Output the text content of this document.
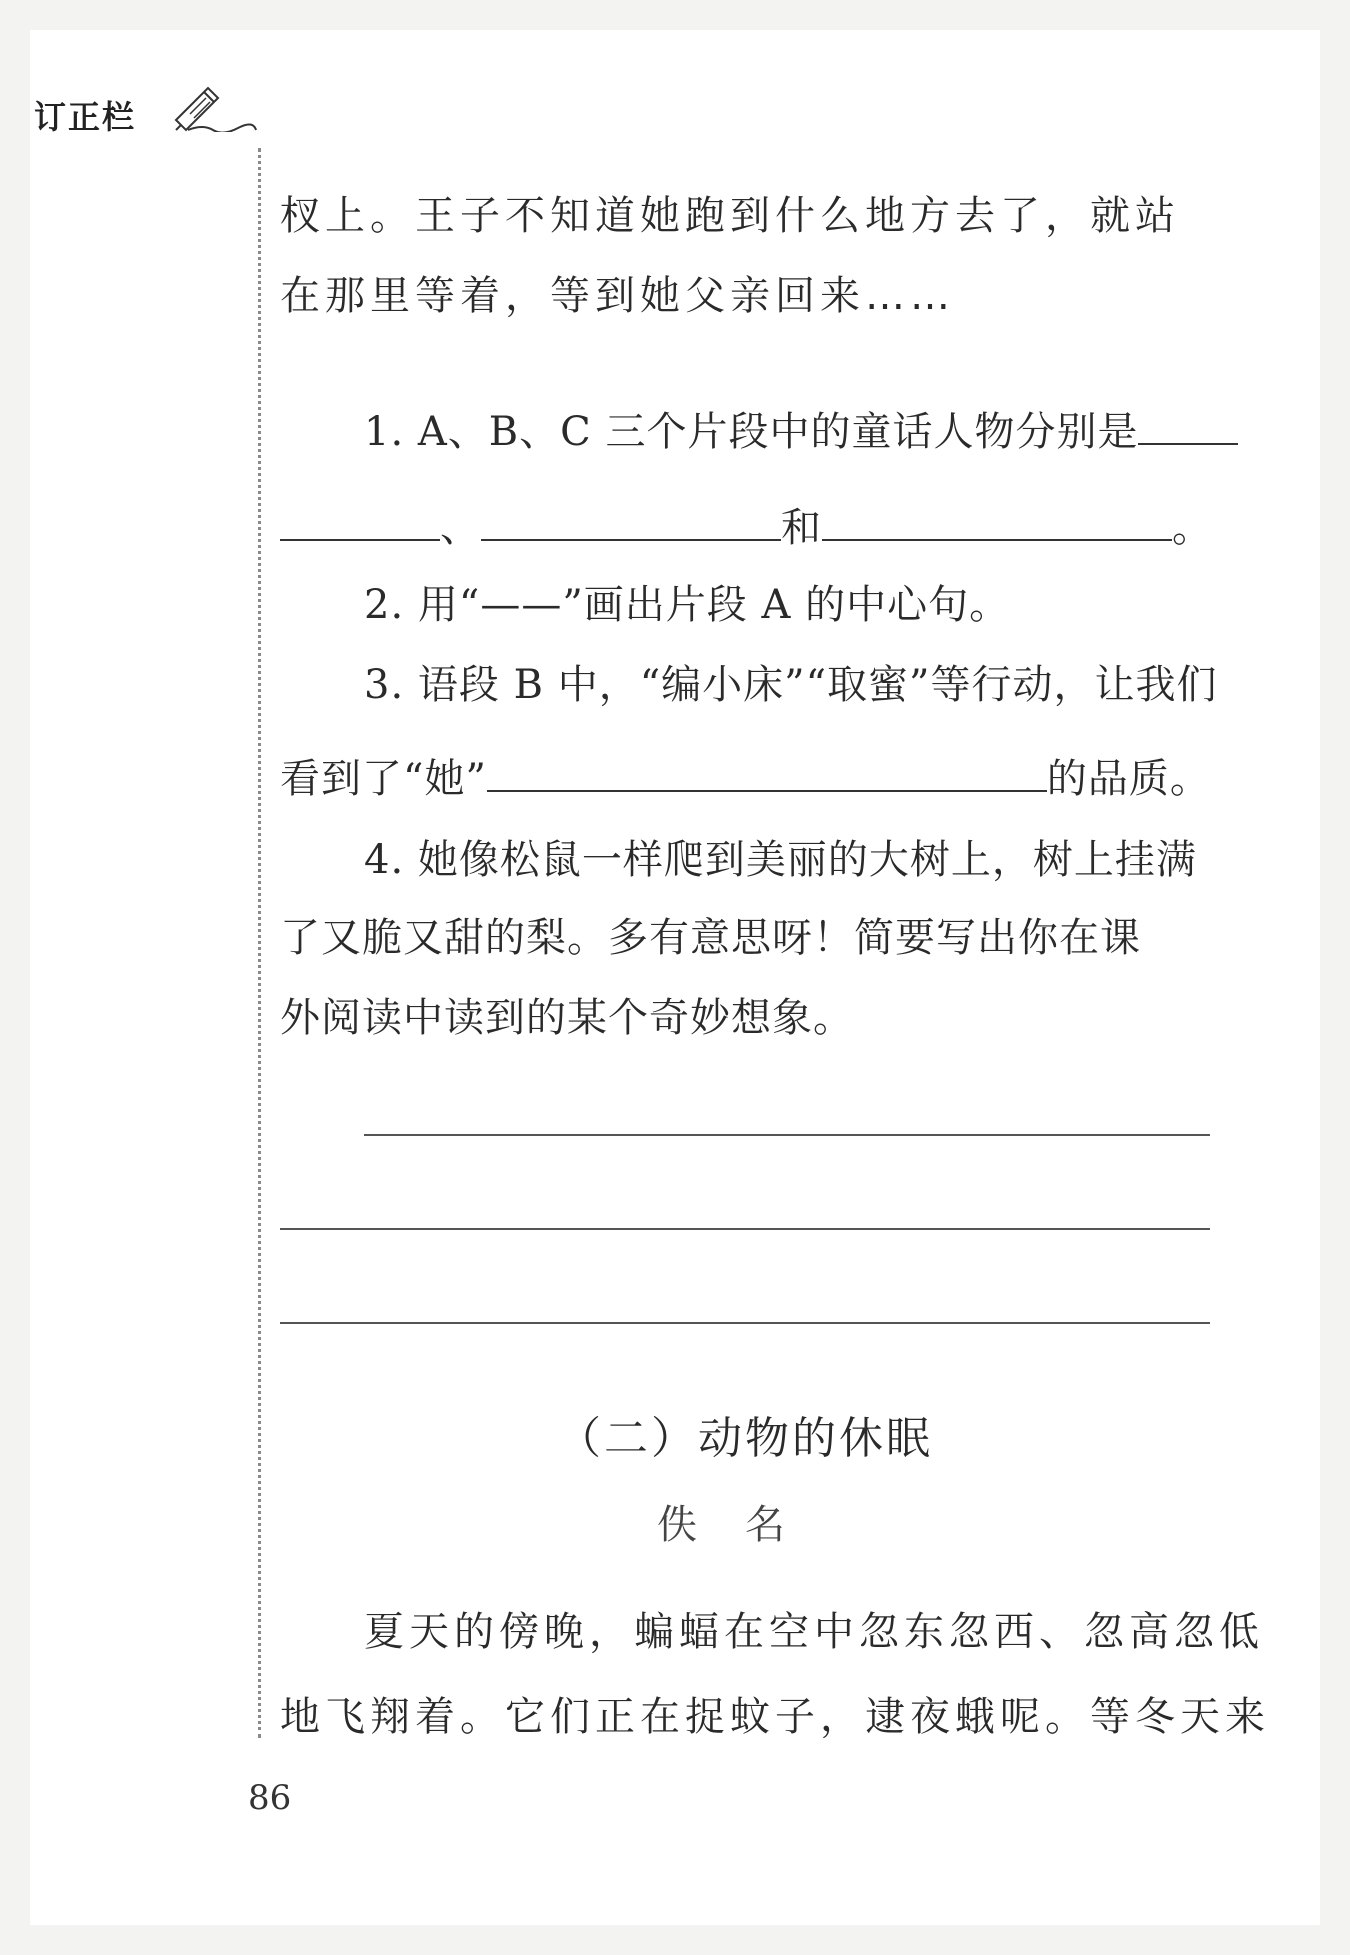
订正栏
杈上。王子不知道她跑到什么地方去了，就站
在那里等着，等到她父亲回来……
1. A、B、C 三个片段中的童话人物分别是
、	和	。
2. 用“——”画出片段 A 的中心句。
3. 语段 B 中，“编小床”“取蜜”等行动，让我们
看到了“她”	的品质。
4. 她像松鼠一样爬到美丽的大树上，树上挂满
了又脆又甜的梨。多有意思呀！简要写出你在课
外阅读中读到的某个奇妙想象。
（二）动物的休眠
佚名
夏天的傍晚，蝙蝠在空中忽东忽西、忽高忽低
地飞翔着。它们正在捉蚊子，逮夜蛾呢。等冬天来
86
